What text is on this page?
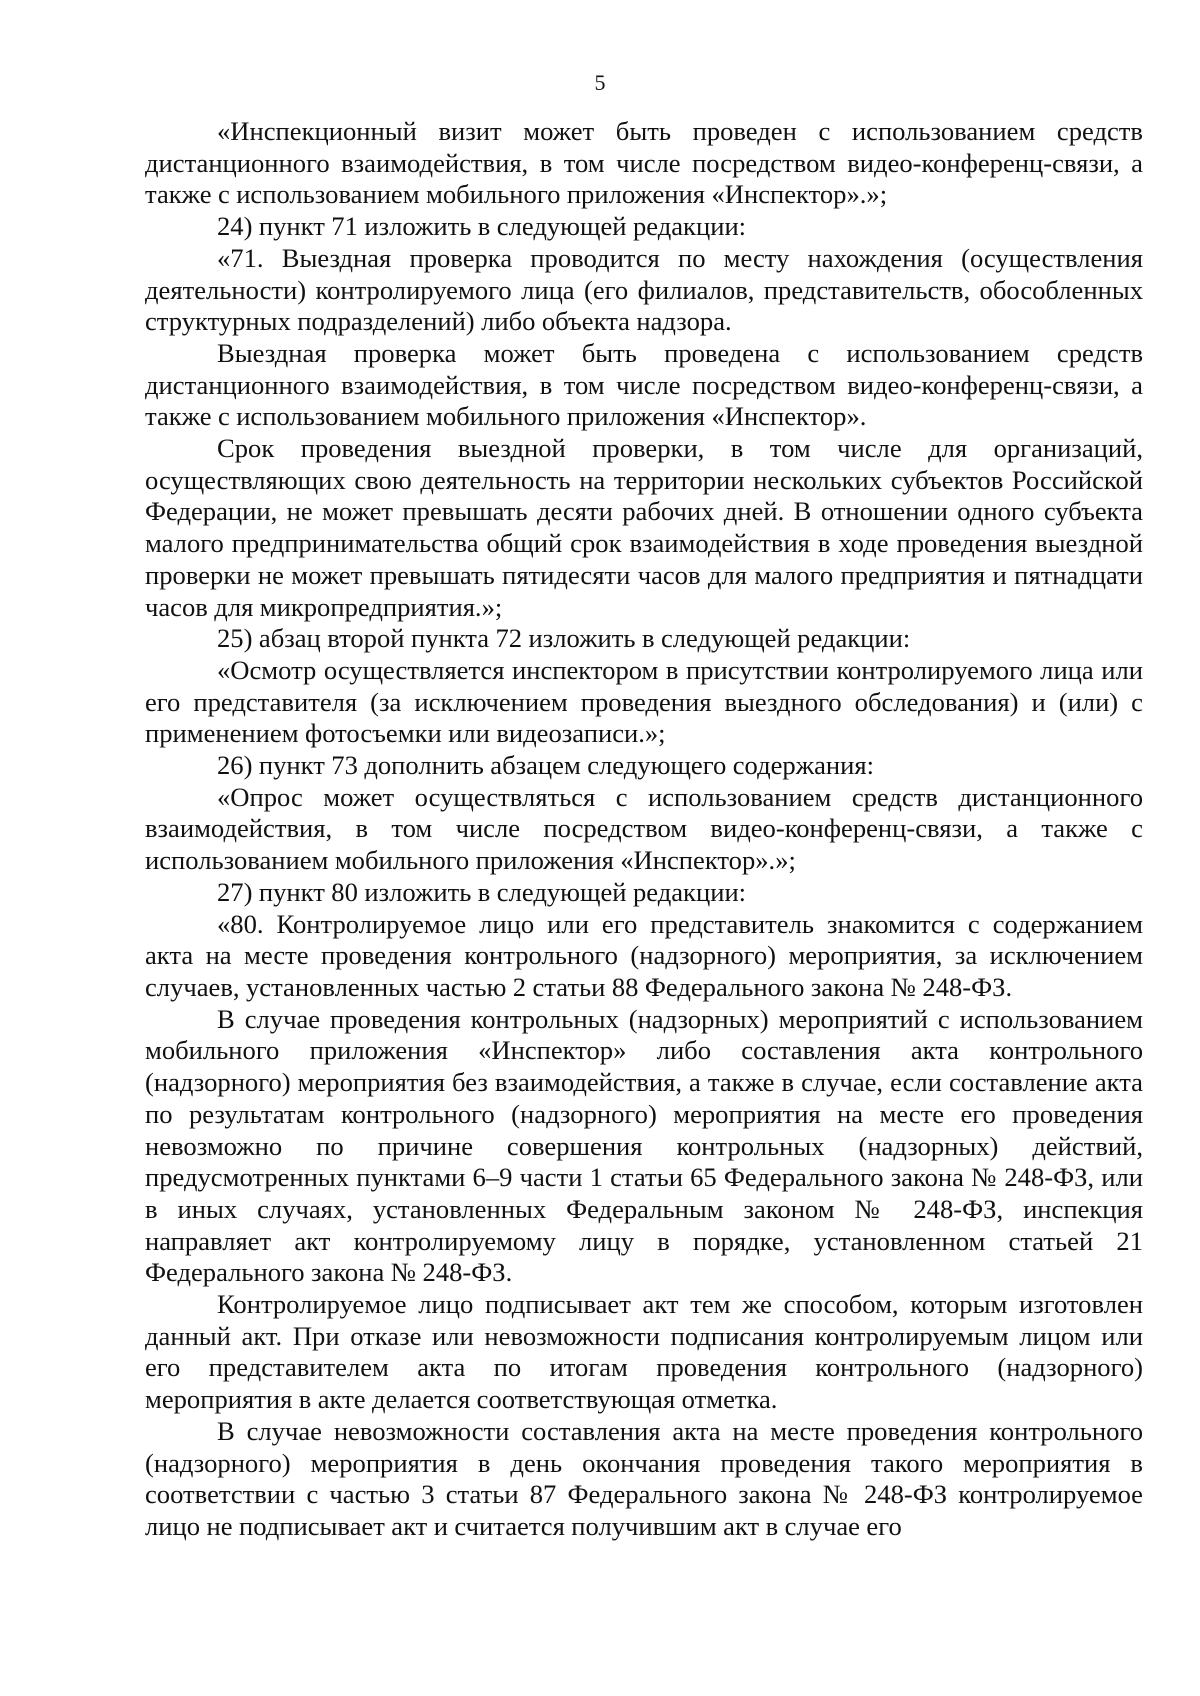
5

«Инспекционный визит может быть проведен с использованием средств дистанционного взаимодействия, в том числе посредством видео-конференц-связи, а также с использованием мобильного приложения «Инспектор».»;

24) пункт 71 изложить в следующей редакции:

«71. Выездная проверка проводится по месту нахождения (осуществления деятельности) контролируемого лица (его филиалов, представительств, обособленных структурных подразделений) либо объекта надзора.

Выездная проверка может быть проведена с использованием средств дистанционного взаимодействия, в том числе посредством видео-конференц-связи, а также с использованием мобильного приложения «Инспектор».

Срок проведения выездной проверки, в том числе для организаций, осуществляющих свою деятельность на территории нескольких субъектов Российской Федерации, не может превышать десяти рабочих дней. В отношении одного субъекта малого предпринимательства общий срок взаимодействия в ходе проведения выездной проверки не может превышать пятидесяти часов для малого предприятия и пятнадцати часов для микропредприятия.»;

25) абзац второй пункта 72 изложить в следующей редакции:

«Осмотр осуществляется инспектором в присутствии контролируемого лица или его представителя (за исключением проведения выездного обследования) и (или) с применением фотосъемки или видеозаписи.»;

26) пункт 73 дополнить абзацем следующего содержания:

«Опрос может осуществляться с использованием средств дистанционного взаимодействия, в том числе посредством видео-конференц-связи, а также с использованием мобильного приложения «Инспектор».»;

27) пункт 80 изложить в следующей редакции:

«80. Контролируемое лицо или его представитель знакомится с содержанием акта на месте проведения контрольного (надзорного) мероприятия, за исключением случаев, установленных частью 2 статьи 88 Федерального закона № 248-ФЗ.

В случае проведения контрольных (надзорных) мероприятий с использованием мобильного приложения «Инспектор» либо составления акта контрольного (надзорного) мероприятия без взаимодействия, а также в случае, если составление акта по результатам контрольного (надзорного) мероприятия на месте его проведения невозможно по причине совершения контрольных (надзорных) действий, предусмотренных пунктами 6–9 части 1 статьи 65 Федерального закона № 248-ФЗ, или в иных случаях, установленных Федеральным законом № 248-ФЗ, инспекция направляет акт контролируемому лицу в порядке, установленном статьей 21 Федерального закона № 248-ФЗ.

Контролируемое лицо подписывает акт тем же способом, которым изготовлен данный акт. При отказе или невозможности подписания контролируемым лицом или его представителем акта по итогам проведения контрольного (надзорного) мероприятия в акте делается соответствующая отметка.

В случае невозможности составления акта на месте проведения контрольного (надзорного) мероприятия в день окончания проведения такого мероприятия в соответствии с частью 3 статьи 87 Федерального закона № 248-ФЗ контролируемое лицо не подписывает акт и считается получившим акт в случае его
